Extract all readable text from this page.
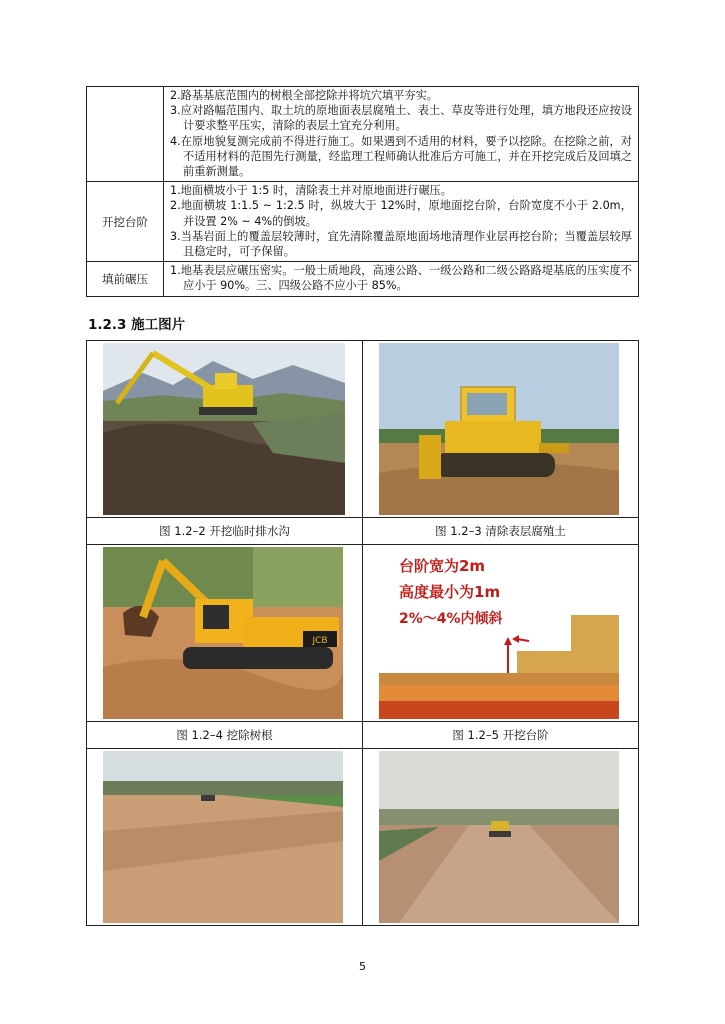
	2.路基基底范围内的树根全部挖除并将坑穴填平夯实。
3.应对路幅范围内、取土坑的原地面表层腐殖土、表土、草皮等进行处理，填方地段还应按设计要求整平压实，清除的表层土宜充分利用。
4.在原地貌复测完成前不得进行施工。如果遇到不适用的材料，要予以挖除。在挖除之前，对不适用材料的范围先行测量，经监理工程师确认批准后方可施工，并在开挖完成后及回填之前重新测量。

开挖台阶	1.地面横坡小于 1:5 时，清除表土并对原地面进行碾压。
2.地面横坡 1:1.5 ~ 1:2.5 时，纵坡大于 12%时，原地面挖台阶，台阶宽度不小于 2.0m，并设置 2% ~ 4%的倒坡。
3.当基岩面上的覆盖层较薄时，宜先清除覆盖原地面场地清理作业层再挖台阶；当覆盖层较厚且稳定时，可予保留。

填前碾压	1.地基表层应碾压密实。一般土质地段，高速公路、一级公路和二级公路路堤基底的压实度不应小于 90%。三、四级公路不应小于 85%。
1.2.3 施工图片

图 1.2–2 开挖临时排水沟	图 1.2–3 清除表层腐殖土

JCB	台阶宽为2m
高度最小为1m
2%～4%内倾斜

图 1.2–4 挖除树根	图 1.2–5 开挖台阶

5
